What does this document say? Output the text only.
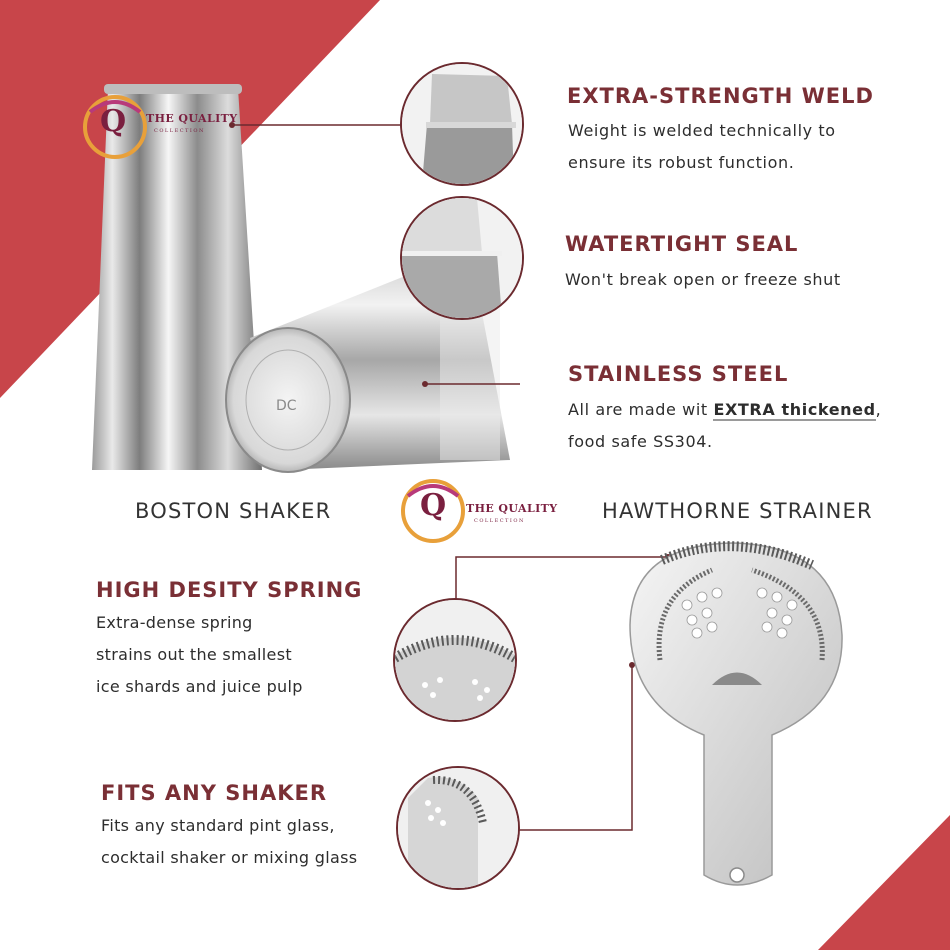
DC
Q THE QUALITY
COLLECTION
Q THE QUALITY
COLLECTION
BOSTON SHAKER	HAWTHORNE STRAINER
EXTRA-STRENGTH WELD
Weight is welded technically to
ensure its robust function.
WATERTIGHT SEAL
Won't break open or freeze shut
STAINLESS STEEL
All are made wit EXTRA thickened,
food safe SS304.
HIGH DESITY SPRING
Extra-dense spring
strains out the smallest
ice shards and juice pulp
FITS ANY SHAKER
Fits any standard pint glass,
cocktail shaker or mixing glass
